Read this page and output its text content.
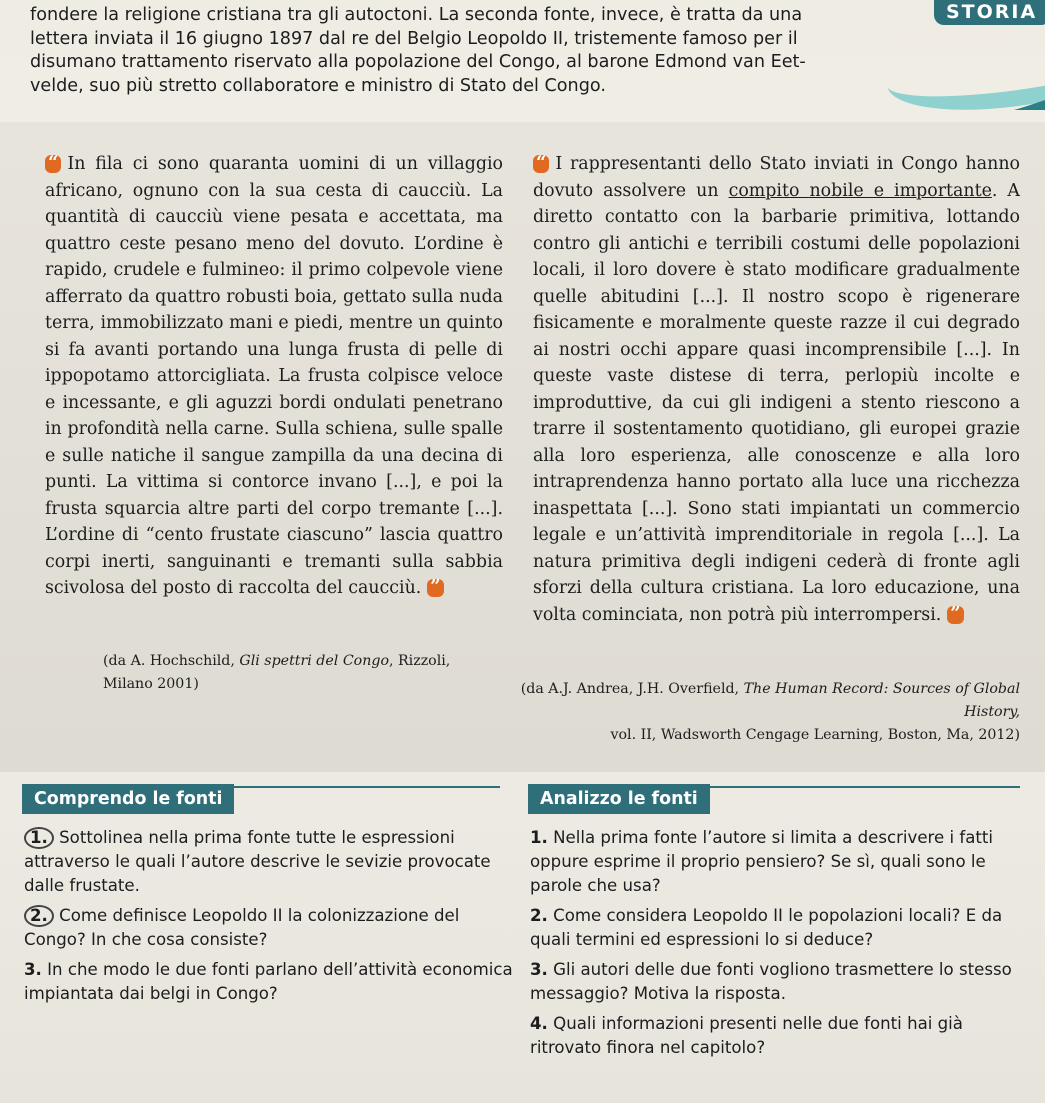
fondere la religione cristiana tra gli autoctoni. La seconda fonte, invece, è tratta da una

lettera inviata il 16 giugno 1897 dal re del Belgio Leopoldo II, tristemente famoso per il

disumano trattamento riservato alla popolazione del Congo, al barone Edmond van Eet-

velde, suo più stretto collaboratore e ministro di Stato del Congo.

STORIA
“ In fila ci sono quaranta uomini di un villaggio africano, ognuno con la sua cesta di caucciù. La quantità di caucciù viene pesata e accettata, ma quattro ceste pesano meno del dovuto. L’ordine è rapido, crudele e fulmineo: il primo colpevole viene afferrato da quattro robusti boia, gettato sulla nuda terra, immobilizzato mani e piedi, mentre un quinto si fa avanti portando una lunga frusta di pelle di ippopotamo attorcigliata. La frusta colpisce veloce e incessante, e gli aguzzi bordi ondulati penetrano in profondità nella carne. Sulla schiena, sulle spalle e sulle natiche il sangue zampilla da una decina di punti. La vittima si contorce invano [...], e poi la frusta squarcia altre parti del corpo tremante [...]. L’ordine di “cento frustate ciascuno” lascia quattro corpi inerti, sanguinanti e tremanti sulla sabbia scivolosa del posto di raccolta del caucciù. ”
(da A. Hochschild, Gli spettri del Congo, Rizzoli, Milano 2001)
“ I rappresentanti dello Stato inviati in Congo hanno dovuto assolvere un compito nobile e importante. A diretto contatto con la barbarie primitiva, lottando contro gli antichi e terribili costumi delle popolazioni locali, il loro dovere è stato modificare gradualmente quelle abitudini [...]. Il nostro scopo è rigenerare fisicamente e moralmente queste razze il cui degrado ai nostri occhi appare quasi incomprensibile [...]. In queste vaste distese di terra, perlopiù incolte e improduttive, da cui gli indigeni a stento riescono a trarre il sostentamento quotidiano, gli europei grazie alla loro esperienza, alle conoscenze e alla loro intraprendenza hanno portato alla luce una ricchezza inaspettata [...]. Sono stati impiantati un commercio legale e un’attività imprenditoriale in regola [...]. La natura primitiva degli indigeni cederà di fronte agli sforzi della cultura cristiana. La loro educazione, una volta cominciata, non potrà più interrompersi. ”
(da A.J. Andrea, J.H. Overfield, The Human Record: Sources of Global History,
vol. II, Wadsworth Cengage Learning, Boston, Ma, 2012)
Comprendo le fonti	Analizzo le fonti
1. Sottolinea nella prima fonte tutte le espressioni attraverso le quali l’autore descrive le sevizie provocate dalle frustate.
2. Come definisce Leopoldo II la colonizzazione del Congo? In che cosa consiste?
3. In che modo le due fonti parlano dell’attività economica impiantata dai belgi in Congo?
1. Nella prima fonte l’autore si limita a descrivere i fatti oppure esprime il proprio pensiero? Se sì, quali sono le parole che usa?
2. Come considera Leopoldo II le popolazioni locali? E da quali termini ed espressioni lo si deduce?
3. Gli autori delle due fonti vogliono trasmettere lo stesso messaggio? Motiva la risposta.
4. Quali informazioni presenti nelle due fonti hai già ritrovato finora nel capitolo?
